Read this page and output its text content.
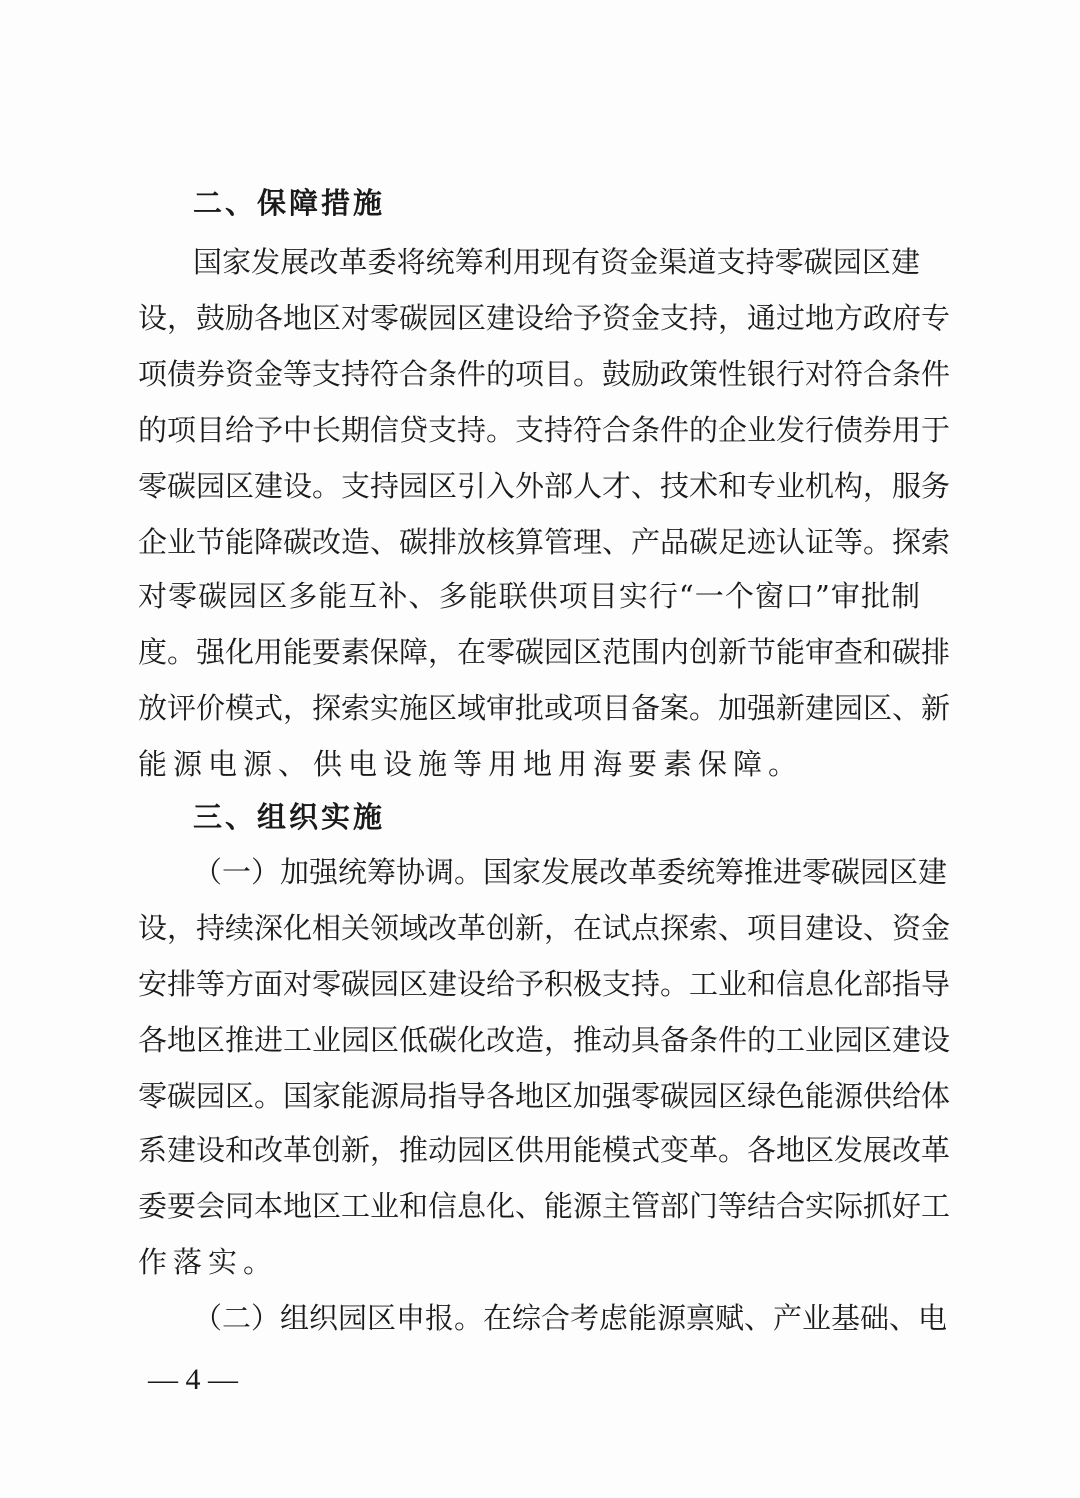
二、保障措施
国家发展改革委将统筹利用现有资金渠道支持零碳园区建
设，鼓励各地区对零碳园区建设给予资金支持，通过地方政府专
项债券资金等支持符合条件的项目。鼓励政策性银行对符合条件
的项目给予中长期信贷支持。支持符合条件的企业发行债券用于
零碳园区建设。支持园区引入外部人才、技术和专业机构，服务
企业节能降碳改造、碳排放核算管理、产品碳足迹认证等。探索
对零碳园区多能互补、多能联供项目实行“一个窗口”审批制
度。强化用能要素保障，在零碳园区范围内创新节能审查和碳排
放评价模式，探索实施区域审批或项目备案。加强新建园区、新
能源电源、供电设施等用地用海要素保障。
三、组织实施
（一）加强统筹协调。国家发展改革委统筹推进零碳园区建
设，持续深化相关领域改革创新，在试点探索、项目建设、资金
安排等方面对零碳园区建设给予积极支持。工业和信息化部指导
各地区推进工业园区低碳化改造，推动具备条件的工业园区建设
零碳园区。国家能源局指导各地区加强零碳园区绿色能源供给体
系建设和改革创新，推动园区供用能模式变革。各地区发展改革
委要会同本地区工业和信息化、能源主管部门等结合实际抓好工
作落实。
（二）组织园区申报。在综合考虑能源禀赋、产业基础、电
— 4 —
